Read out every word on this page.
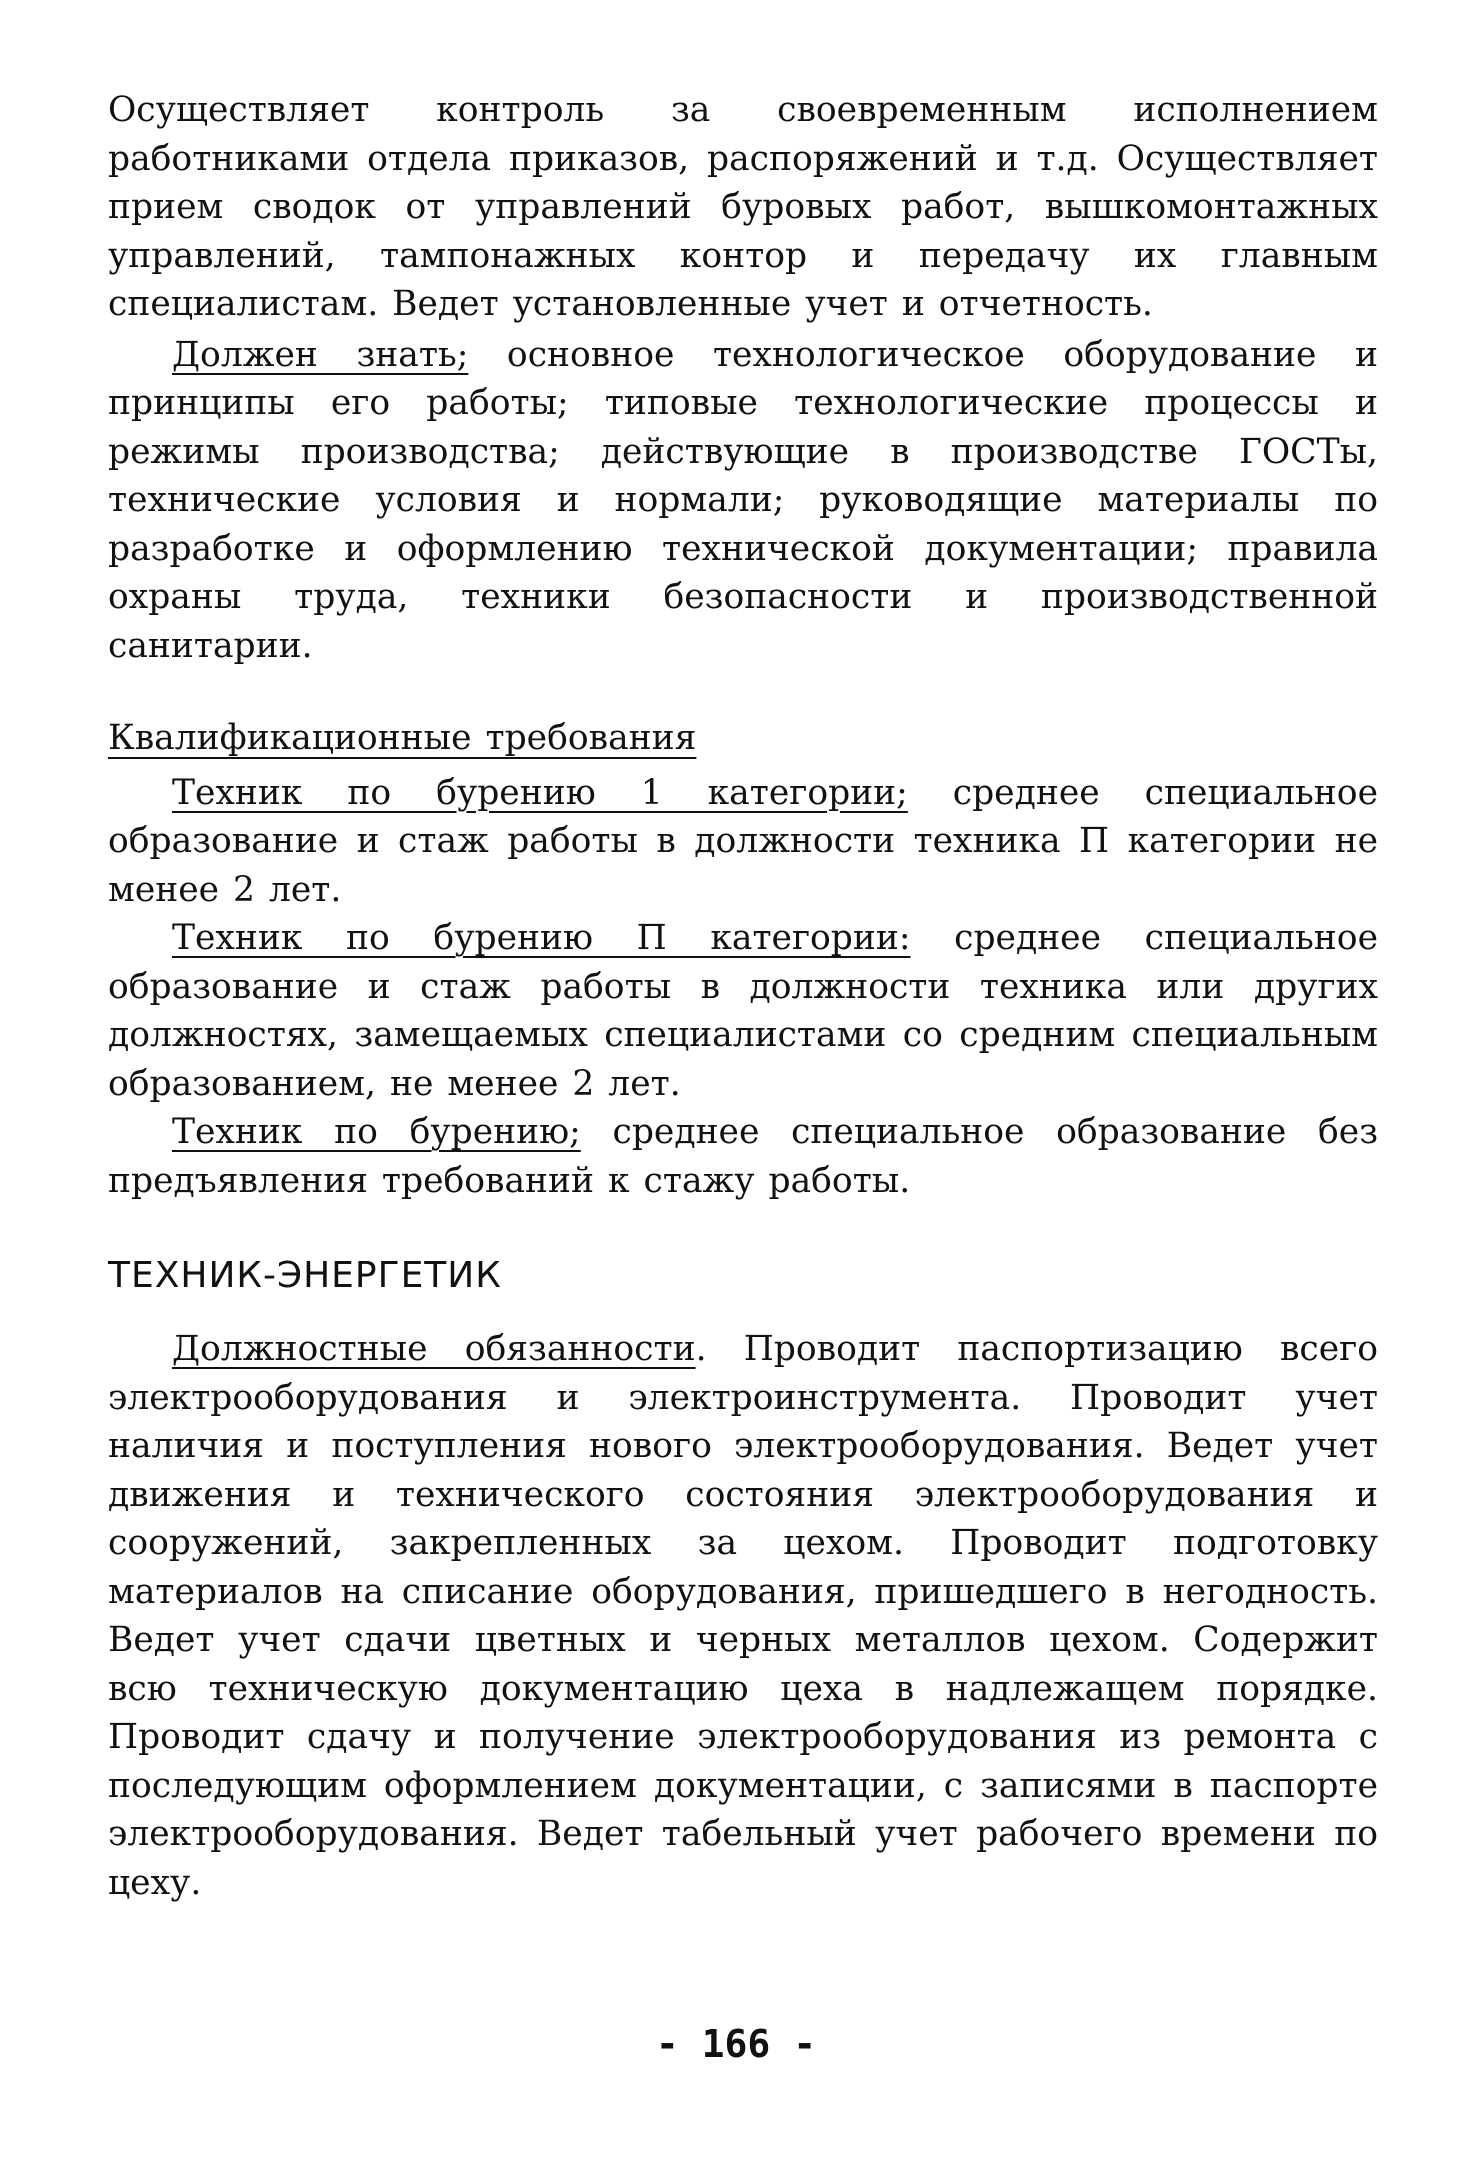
Осуществляет контроль за своевременным исполнением работниками отдела приказов, распоряжений и т.д. Осуществляет прием сводок от управлений буровых работ, вышкомонтажных управлений, тампонажных контор и передачу их главным специалистам. Ведет установленные учет и отчетность.

Должен знать; основное технологическое оборудование и принципы его работы; типовые технологические процессы и режимы производства; действующие в производстве ГОСТы, технические условия и нормали; руководящие материалы по разработке и оформлению технической документации; правила охраны труда, техники безопасности и производственной санитарии.

Квалификационные требования

Техник по бурению 1 категории; среднее специальное образование и стаж работы в должности техника П категории не менее 2 лет.

Техник по бурению П категории: среднее специальное образование и стаж работы в должности техника или других должностях, замещаемых специалистами со средним специальным образованием, не менее 2 лет.

Техник по бурению; среднее специальное образование без предъявления требований к стажу работы.

ТЕХНИК-ЭНЕРГЕТИК

Должностные обязанности. Проводит паспортизацию всего электрооборудования и электроинструмента. Проводит учет наличия и поступления нового электрооборудования. Ведет учет движения и технического состояния электрооборудования и сооружений, закрепленных за цехом. Проводит подготовку материалов на списание оборудования, пришедшего в негодность. Ведет учет сдачи цветных и черных металлов цехом. Содержит всю техническую документацию цеха в надлежащем порядке. Проводит сдачу и получение электрооборудования из ремонта с последующим оформлением документации, с записями в паспорте электрооборудования. Ведет табельный учет рабочего времени по цеху.

- 166 -
